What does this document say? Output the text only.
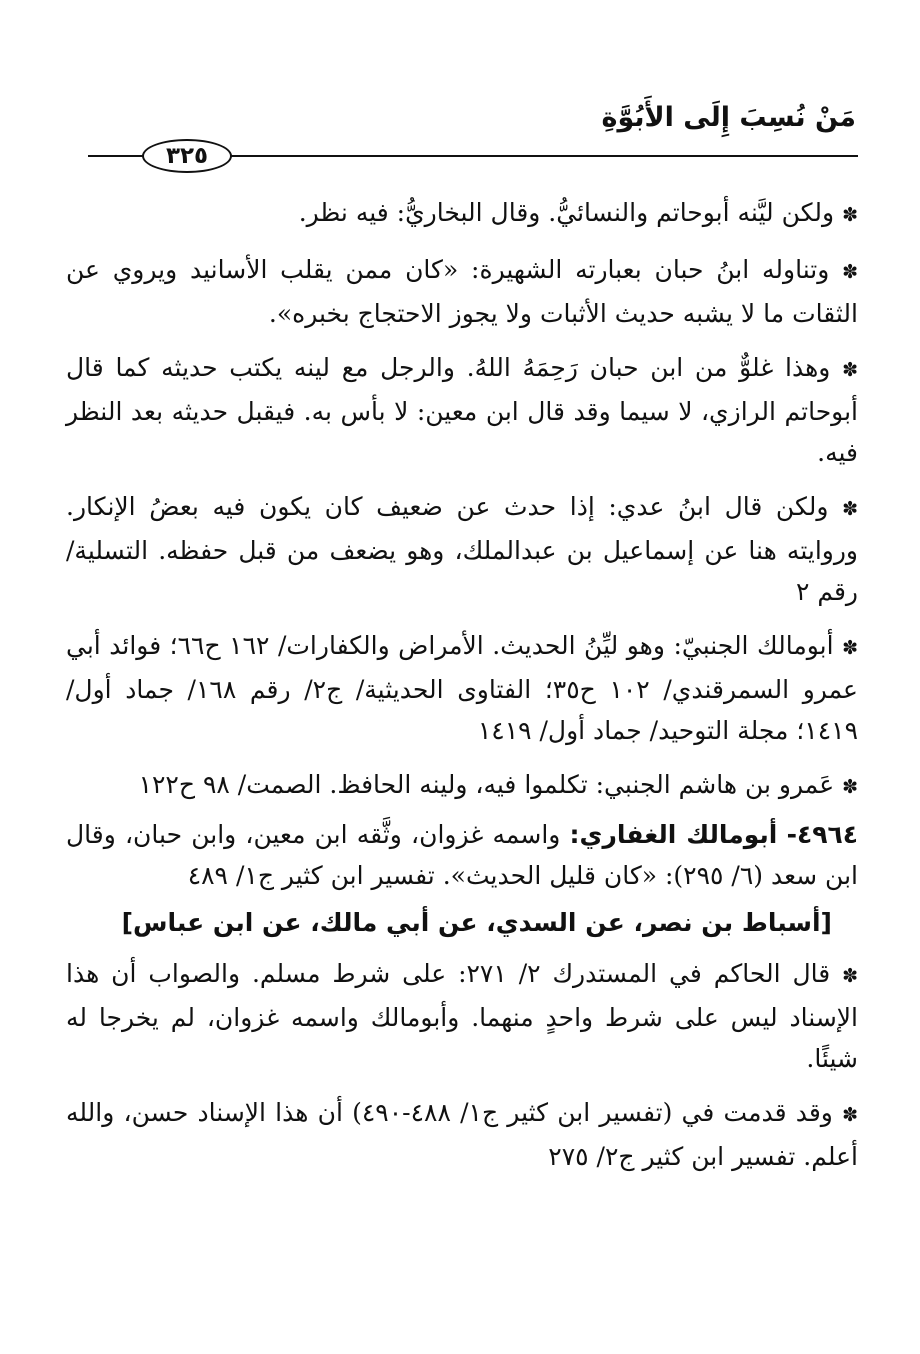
مَنْ نُسِبَ إِلَى الأَبُوَّةِ
٣٢٥

✽ ولكن ليَّنه أبوحاتم والنسائيُّ. وقال البخاريُّ: فيه نظر.

✽ وتناوله ابنُ حبان بعبارته الشهيرة: «كان ممن يقلب الأسانيد ويروي عن الثقات ما لا يشبه حديث الأثبات ولا يجوز الاحتجاج بخبره».

✽ وهذا غلوٌّ من ابن حبان رَحِمَهُ اللهُ. والرجل مع لينه يكتب حديثه كما قال أبوحاتم الرازي، لا سيما وقد قال ابن معين: لا بأس به. فيقبل حديثه بعد النظر فيه.

✽ ولكن قال ابنُ عدي: إذا حدث عن ضعيف كان يكون فيه بعضُ الإنكار. وروايته هنا عن إسماعيل بن عبدالملك، وهو يضعف من قبل حفظه. التسلية/ رقم ٢

✽ أبومالك الجنبيّ: وهو ليِّنُ الحديث. الأمراض والكفارات/ ١٦٢ ح٦٦؛ فوائد أبي عمرو السمرقندي/ ١٠٢ ح٣٥؛ الفتاوى الحديثية/ ج٢/ رقم ١٦٨/ جماد أول/ ١٤١٩؛ مجلة التوحيد/ جماد أول/ ١٤١٩

✽ عَمرو بن هاشم الجنبي: تكلموا فيه، ولينه الحافظ. الصمت/ ٩٨ ح١٢٢

٤٩٦٤- أبومالك الغفاري: واسمه غزوان، وثَّقه ابن معين، وابن حبان، وقال ابن سعد (٦/ ٢٩٥): «كان قليل الحديث». تفسير ابن كثير ج١/ ٤٨٩

[أسباط بن نصر، عن السدي، عن أبي مالك، عن ابن عباس]

✽ قال الحاكم في المستدرك ٢/ ٢٧١: على شرط مسلم. والصواب أن هذا الإسناد ليس على شرط واحدٍ منهما. وأبومالك واسمه غزوان، لم يخرجا له شيئًا.

✽ وقد قدمت في (تفسير ابن كثير ج١/ ٤٨٨-٤٩٠) أن هذا الإسناد حسن، والله أعلم. تفسير ابن كثير ج٢/ ٢٧٥
